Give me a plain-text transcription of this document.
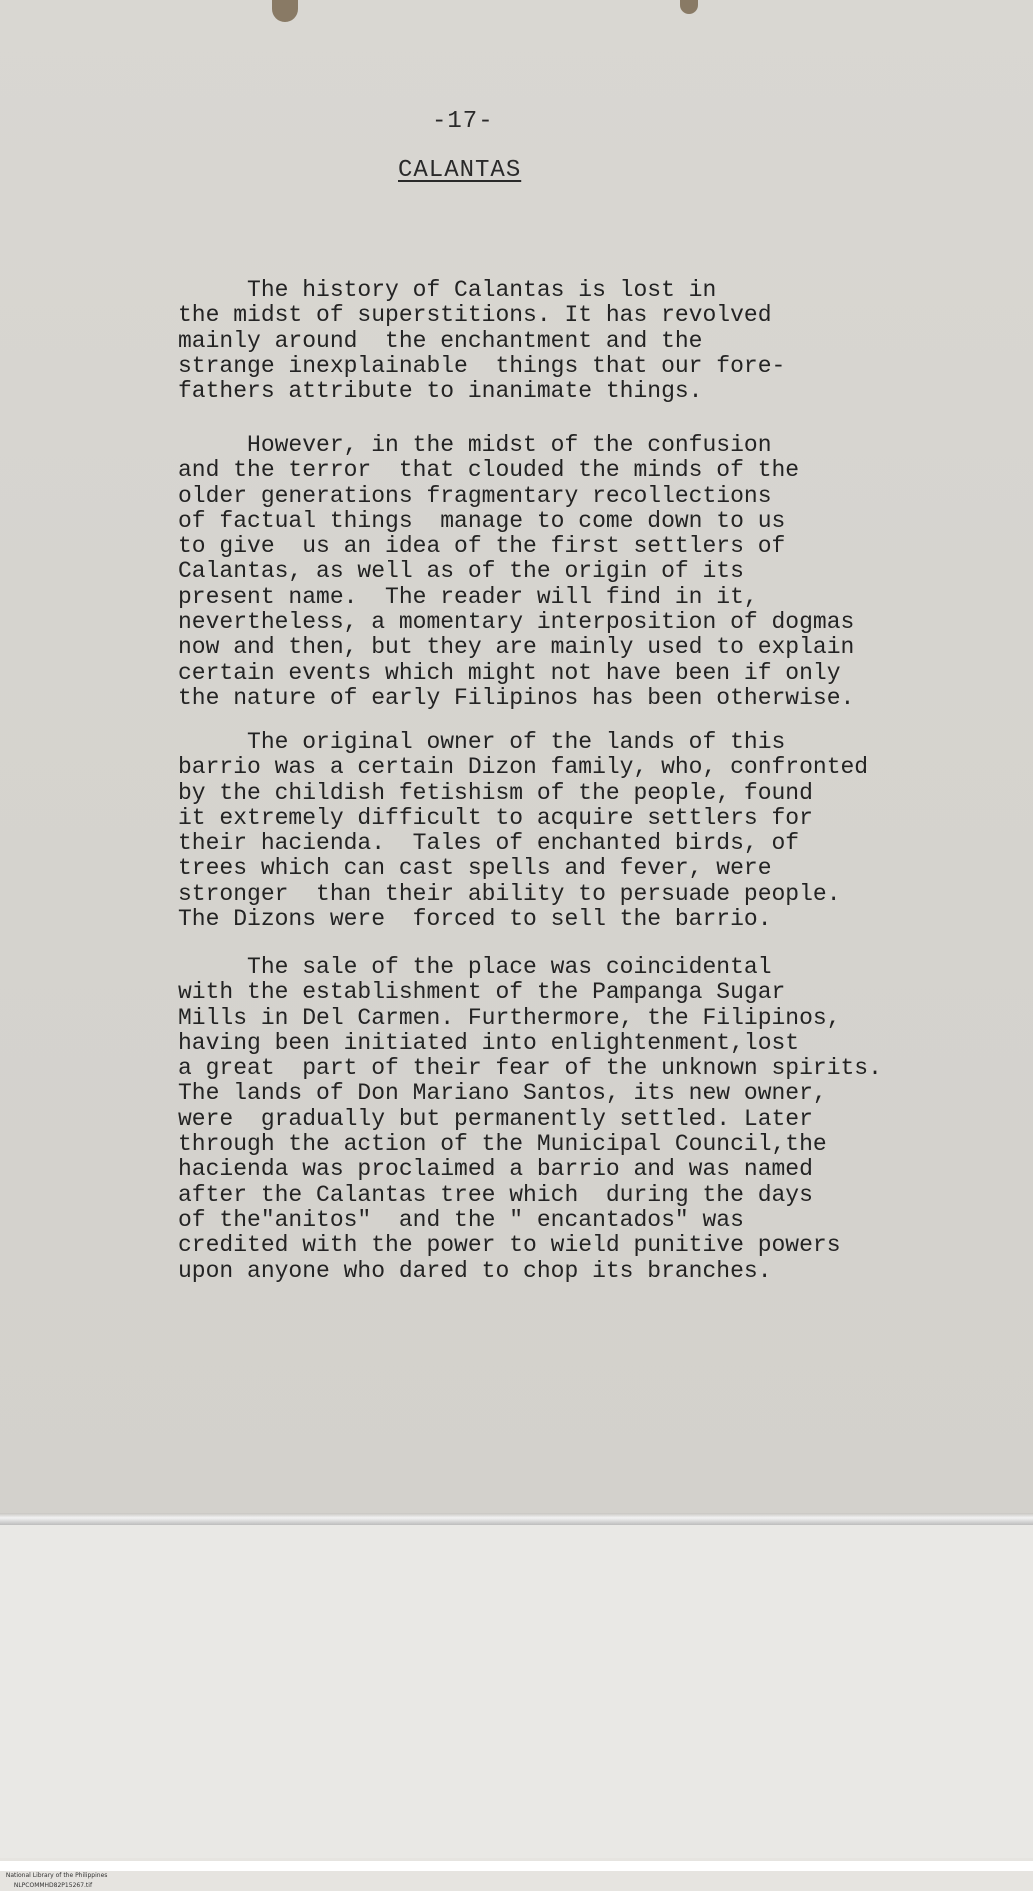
-17-
CALANTAS
The history of Calantas is lost in
the midst of superstitions. It has revolved
mainly around  the enchantment and the
strange inexplainable  things that our fore-
fathers attribute to inanimate things.
However, in the midst of the confusion
and the terror  that clouded the minds of the
older generations fragmentary recollections
of factual things  manage to come down to us
to give  us an idea of the first settlers of
Calantas, as well as of the origin of its
present name.  The reader will find in it,
nevertheless, a momentary interposition of dogmas
now and then, but they are mainly used to explain
certain events which might not have been if only
the nature of early Filipinos has been otherwise.
The original owner of the lands of this
barrio was a certain Dizon family, who, confronted
by the childish fetishism of the people, found
it extremely difficult to acquire settlers for
their hacienda.  Tales of enchanted birds, of
trees which can cast spells and fever, were
stronger  than their ability to persuade people.
The Dizons were  forced to sell the barrio.
The sale of the place was coincidental
with the establishment of the Pampanga Sugar
Mills in Del Carmen. Furthermore, the Filipinos,
having been initiated into enlightenment,lost
a great  part of their fear of the unknown spirits.
The lands of Don Mariano Santos, its new owner,
were  gradually but permanently settled. Later
through the action of the Municipal Council,the
hacienda was proclaimed a barrio and was named
after the Calantas tree which  during the days
of the"anitos"  and the " encantados" was
credited with the power to wield punitive powers
upon anyone who dared to chop its branches.

National Library of the Philippines
NLPCOMMHD82P15267.tif
